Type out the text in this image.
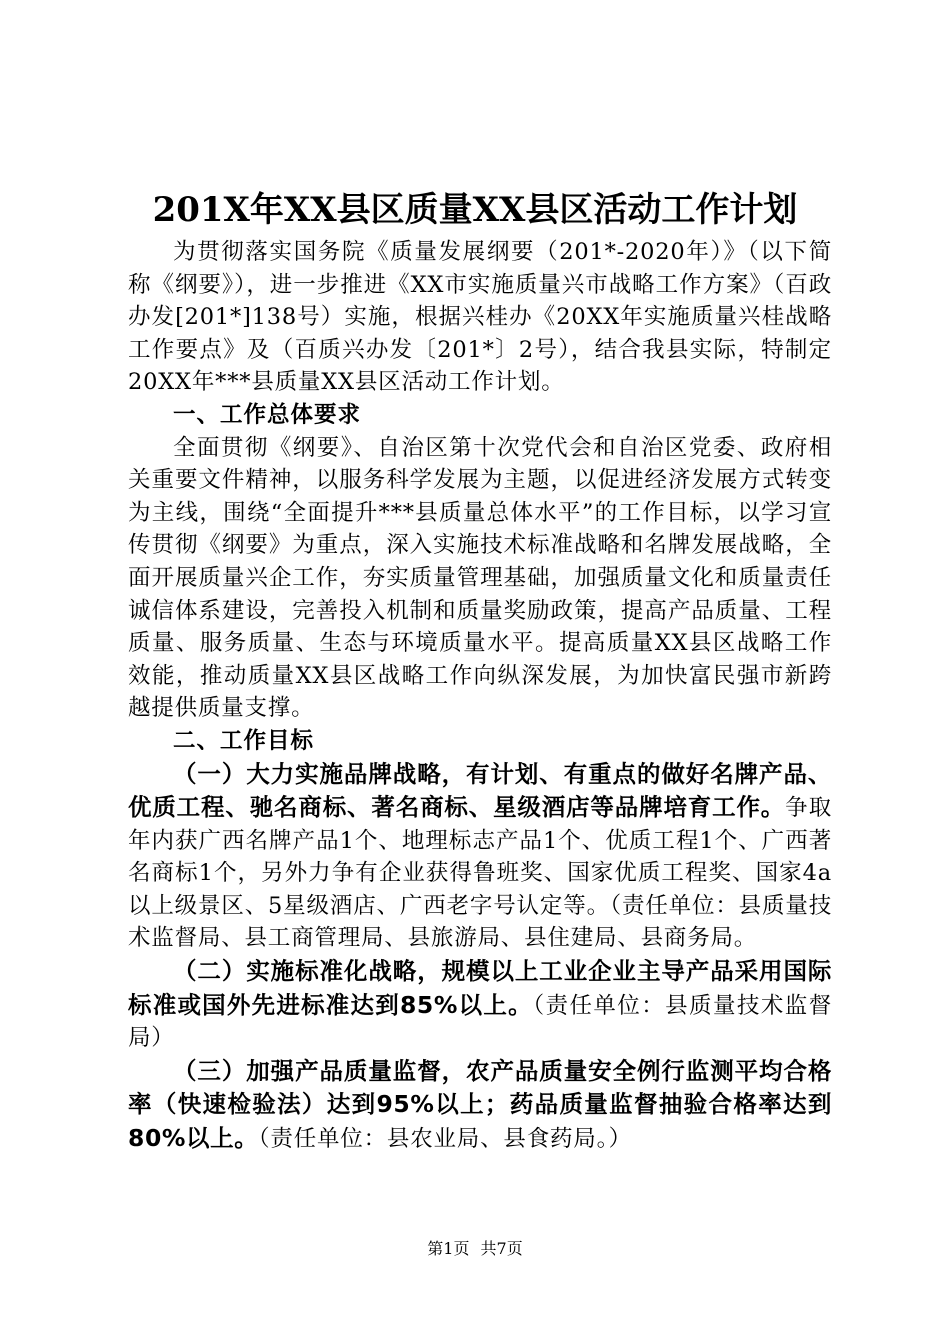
201X年XX县区质量XX县区活动工作计划

为贯彻落实国务院《质量发展纲要（201*-2020年）》（以下简称《纲要》），进一步推进《XX市实施质量兴市战略工作方案》（百政办发[201*]138号）实施，根据兴桂办《20XX年实施质量兴桂战略工作要点》及（百质兴办发〔201*〕2号），结合我县实际，特制定20XX年***县质量XX县区活动工作计划。

一、工作总体要求

全面贯彻《纲要》、自治区第十次党代会和自治区党委、政府相关重要文件精神，以服务科学发展为主题，以促进经济发展方式转变为主线，围绕“全面提升***县质量总体水平”的工作目标，以学习宣传贯彻《纲要》为重点，深入实施技术标准战略和名牌发展战略，全面开展质量兴企工作，夯实质量管理基础，加强质量文化和质量责任诚信体系建设，完善投入机制和质量奖励政策，提高产品质量、工程质量、服务质量、生态与环境质量水平。提高质量XX县区战略工作效能，推动质量XX县区战略工作向纵深发展，为加快富民强市新跨越提供质量支撑。

二、工作目标

（一）大力实施品牌战略，有计划、有重点的做好名牌产品、优质工程、驰名商标、著名商标、星级酒店等品牌培育工作。争取年内获广西名牌产品1个、地理标志产品1个、优质工程1个、广西著名商标1个，另外力争有企业获得鲁班奖、国家优质工程奖、国家4a以上级景区、5星级酒店、广西老字号认定等。（责任单位：县质量技术监督局、县工商管理局、县旅游局、县住建局、县商务局。

（二）实施标准化战略，规模以上工业企业主导产品采用国际标准或国外先进标准达到85%以上。（责任单位：县质量技术监督局）

（三）加强产品质量监督，农产品质量安全例行监测平均合格率（快速检验法）达到95%以上；药品质量监督抽验合格率达到80%以上。（责任单位：县农业局、县食药局。）

第1页 共7页
